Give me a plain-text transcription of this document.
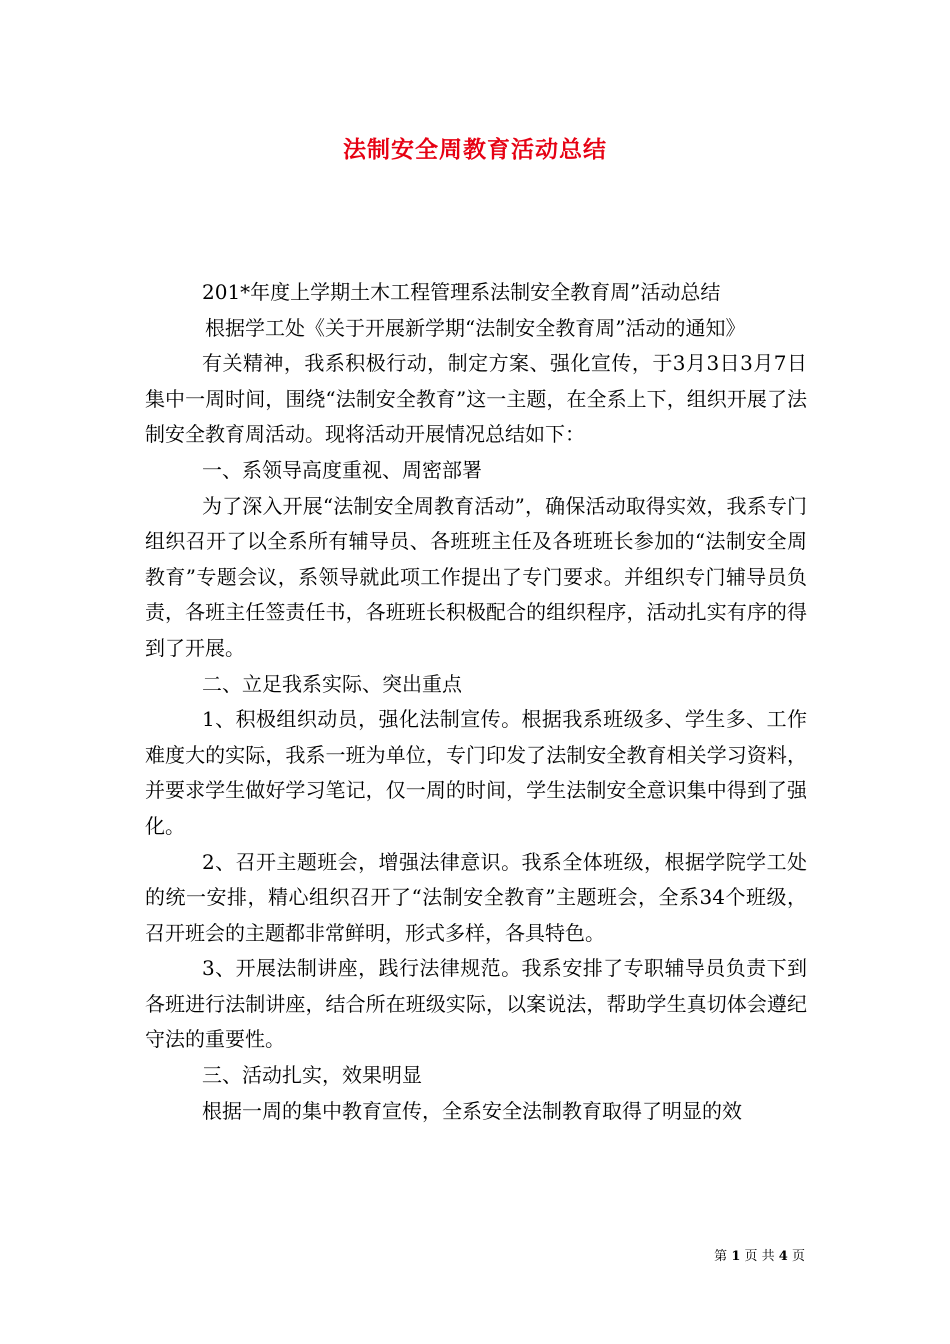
法制安全周教育活动总结

201*年度上学期土木工程管理系法制安全教育周”活动总结

根据学工处《关于开展新学期“法制安全教育周”活动的通知》

有关精神，我系积极行动，制定方案、强化宣传，于3月3日3月7日集中一周时间，围绕“法制安全教育”这一主题，在全系上下，组织开展了法制安全教育周活动。现将活动开展情况总结如下：

一、系领导高度重视、周密部署

为了深入开展“法制安全周教育活动”，确保活动取得实效，我系专门组织召开了以全系所有辅导员、各班班主任及各班班长参加的“法制安全周教育”专题会议，系领导就此项工作提出了专门要求。并组织专门辅导员负责，各班主任签责任书，各班班长积极配合的组织程序，活动扎实有序的得到了开展。

二、立足我系实际、突出重点

1、积极组织动员，强化法制宣传。根据我系班级多、学生多、工作难度大的实际，我系一班为单位，专门印发了法制安全教育相关学习资料，并要求学生做好学习笔记，仅一周的时间，学生法制安全意识集中得到了强化。

2、召开主题班会，增强法律意识。我系全体班级，根据学院学工处的统一安排，精心组织召开了“法制安全教育”主题班会，全系34个班级，召开班会的主题都非常鲜明，形式多样，各具特色。

3、开展法制讲座，践行法律规范。我系安排了专职辅导员负责下到各班进行法制讲座，结合所在班级实际，以案说法，帮助学生真切体会遵纪守法的重要性。

三、活动扎实，效果明显

根据一周的集中教育宣传，全系安全法制教育取得了明显的效

第 1 页 共 4 页
